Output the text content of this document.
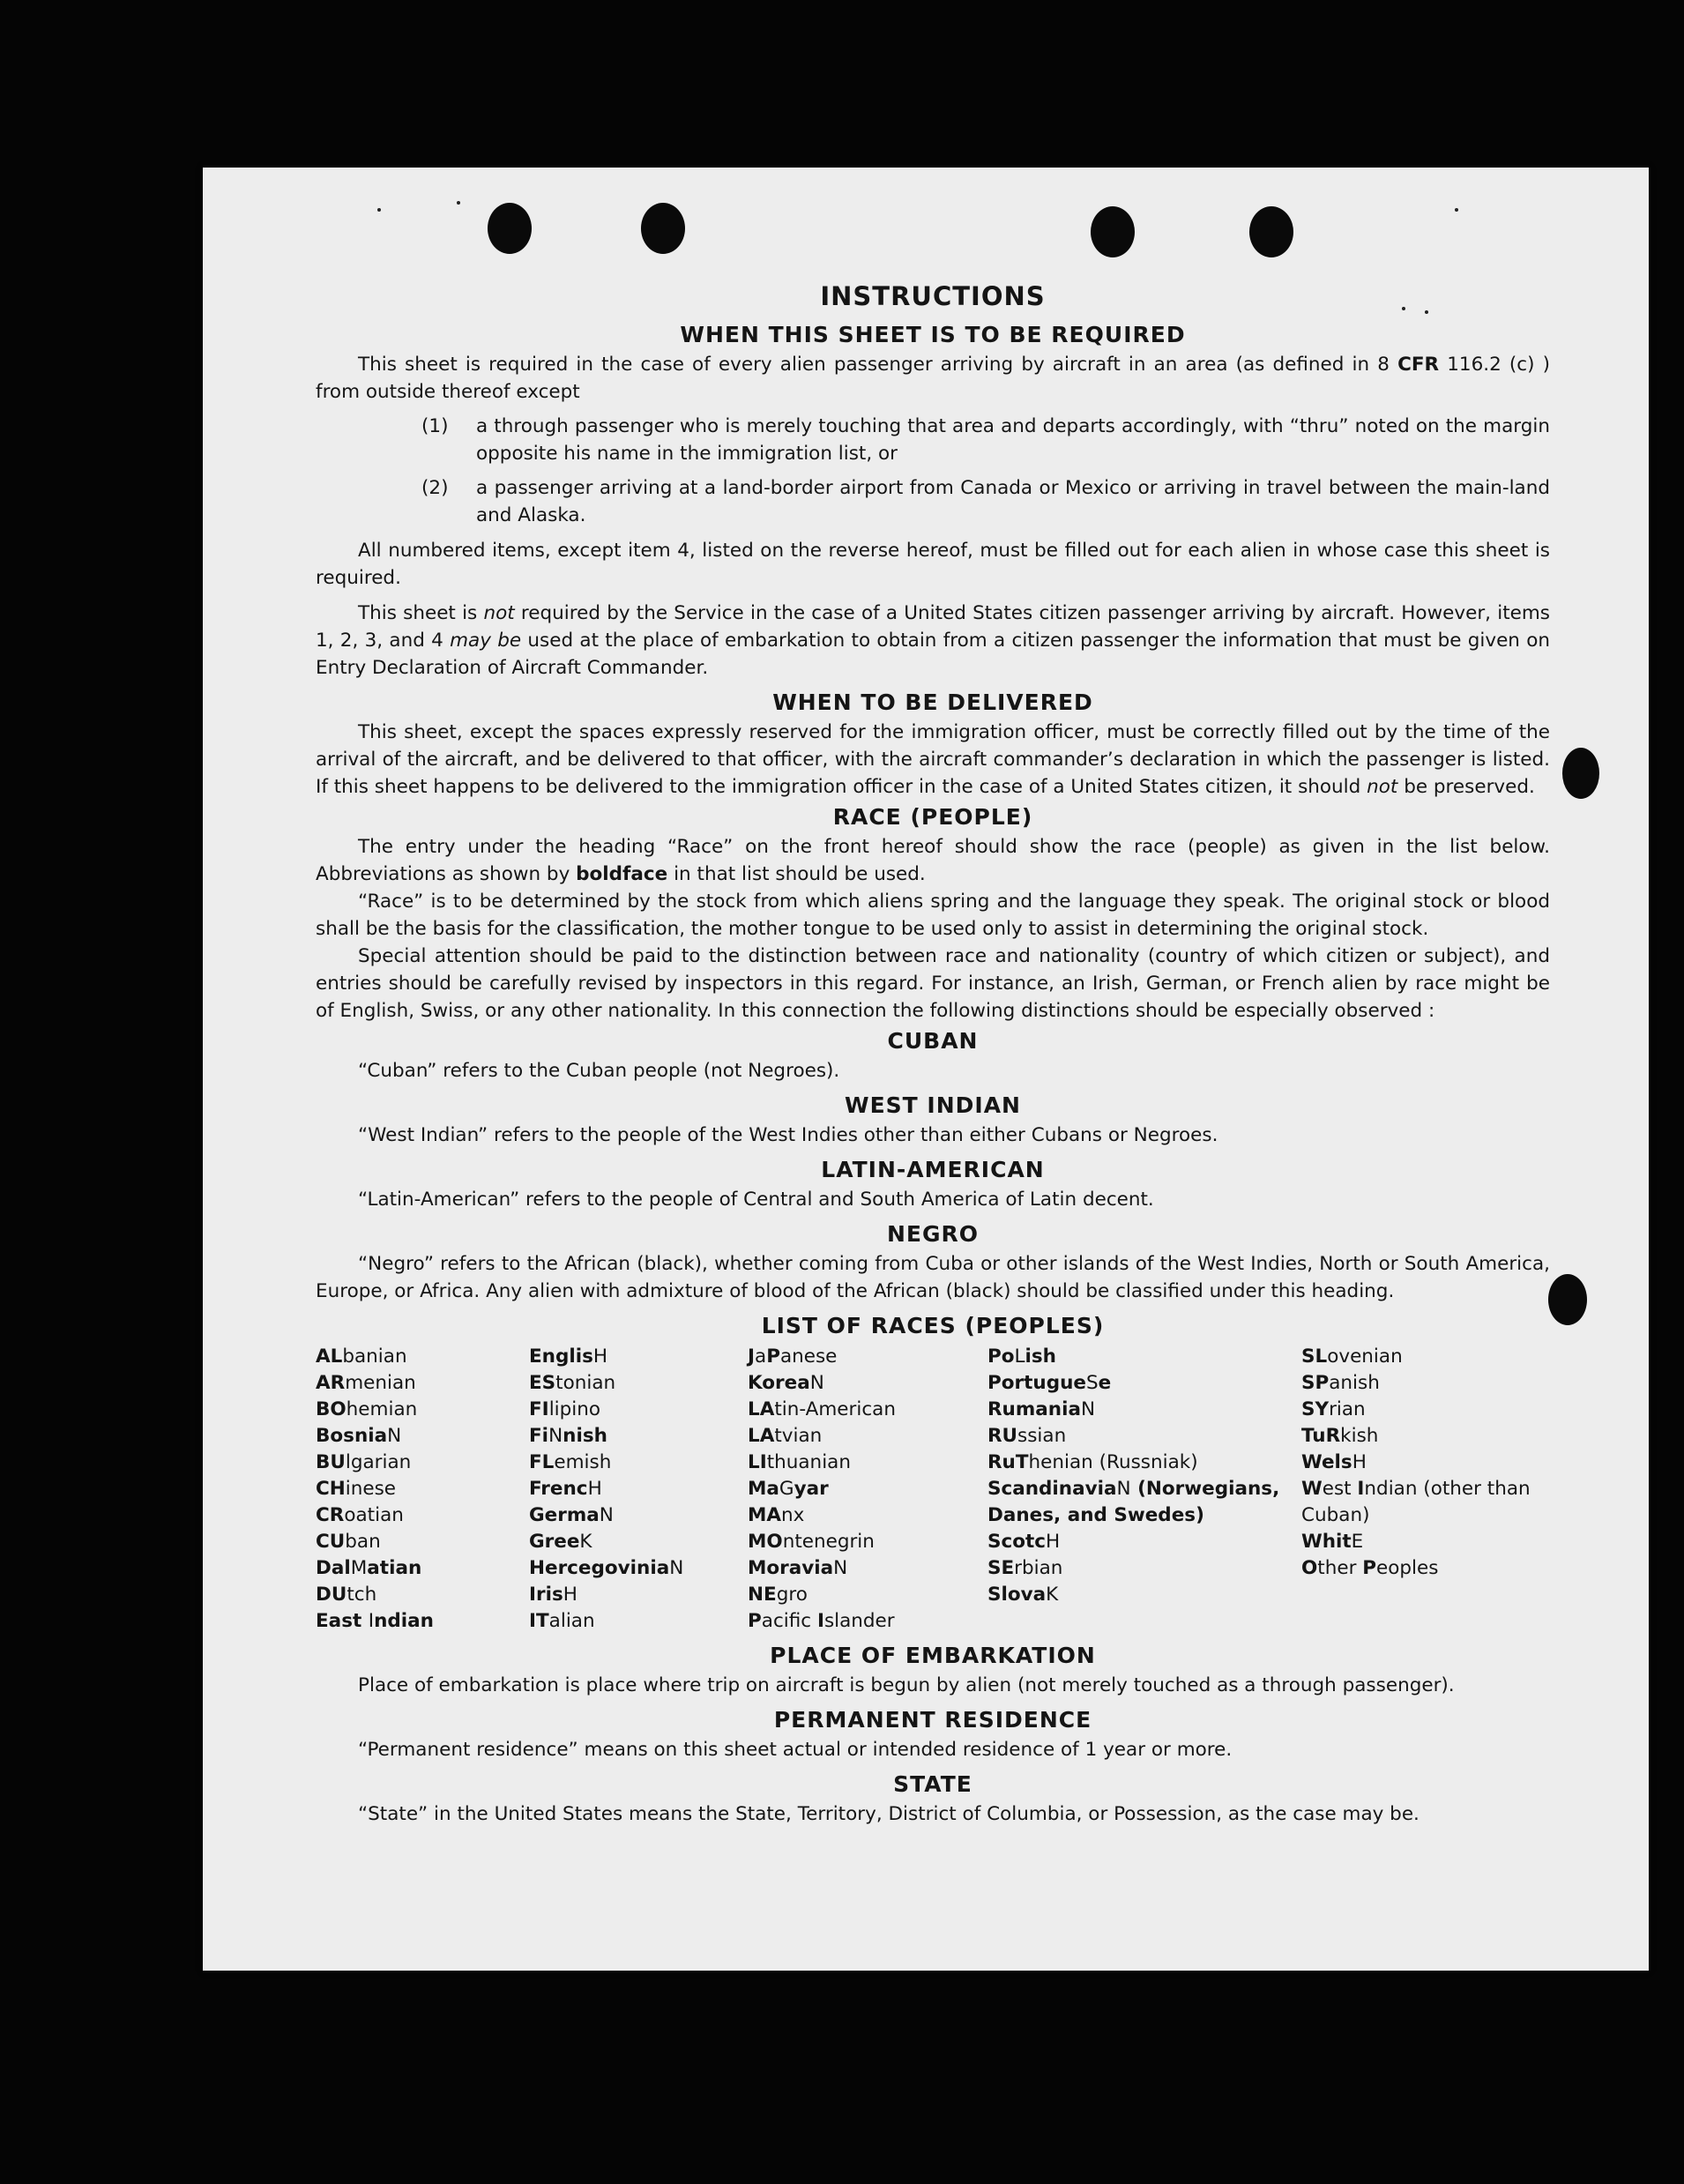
INSTRUCTIONS
WHEN THIS SHEET IS TO BE REQUIRED

This sheet is required in the case of every alien passenger arriving by aircraft in an area (as defined in 8 CFR 116.2 (c) ) from outside thereof except

(1)	a through passenger who is merely touching that area and departs accordingly, with “thru” noted on the margin opposite his name in the immigration list, or
(2)	a passenger arriving at a land-border airport from Canada or Mexico or arriving in travel between the main-land and Alaska.

All numbered items, except item 4, listed on the reverse hereof, must be filled out for each alien in whose case this sheet is required.

This sheet is not required by the Service in the case of a United States citizen passenger arriving by aircraft. However, items 1, 2, 3, and 4 may be used at the place of embarkation to obtain from a citizen passenger the information that must be given on Entry Declaration of Aircraft Commander.

WHEN TO BE DELIVERED

This sheet, except the spaces expressly reserved for the immigration officer, must be correctly filled out by the time of the arrival of the aircraft, and be delivered to that officer, with the aircraft commander’s declaration in which the passenger is listed. If this sheet happens to be delivered to the immigration officer in the case of a United States citizen, it should not be preserved.

RACE (PEOPLE)

The entry under the heading “Race” on the front hereof should show the race (people) as given in the list below. Abbreviations as shown by boldface in that list should be used.

“Race” is to be determined by the stock from which aliens spring and the language they speak. The original stock or blood shall be the basis for the classification, the mother tongue to be used only to assist in determining the original stock.

Special attention should be paid to the distinction between race and nationality (country of which citizen or subject), and entries should be carefully revised by inspectors in this regard. For instance, an Irish, German, or French alien by race might be of English, Swiss, or any other nationality. In this connection the following distinctions should be especially observed :

CUBAN

“Cuban” refers to the Cuban people (not Negroes).

WEST INDIAN

“West Indian” refers to the people of the West Indies other than either Cubans or Negroes.

LATIN-AMERICAN

“Latin-American” refers to the people of Central and South America of Latin decent.

NEGRO

“Negro” refers to the African (black), whether coming from Cuba or other islands of the West Indies, North or South America, Europe, or Africa. Any alien with admixture of blood of the African (black) should be classified under this heading.

LIST OF RACES (PEOPLES)
ALbanian
ARmenian
BOhemian
BosniaN
BUlgarian
CHinese
CRoatian
CUban
DalMatian
DUtch
East Indian
EnglisH
EStonian
FIlipino
FiNnish
FLemish
FrencH
GermaN
GreeK
HercegoviniaN
IrisH
ITalian
JaPanese
KoreaN
LAtin-American
LAtvian
LIthuanian
MaGyar
MAnx
MOntenegrin
MoraviaN
NEgro
Pacific Islander
PoLish
PortugueSe
RumaniaN
RUssian
RuThenian (Russniak)
ScandinaviaN (Norwegians, Danes, and Swedes)
ScotcH
SErbian
SlovaK
SLovenian
SPanish
SYrian
TuRkish
WelsH
West Indian (other than Cuban)
WhitE
Other Peoples
PLACE OF EMBARKATION

Place of embarkation is place where trip on aircraft is begun by alien (not merely touched as a through passenger).

PERMANENT RESIDENCE

“Permanent residence” means on this sheet actual or intended residence of 1 year or more.

STATE

“State” in the United States means the State, Territory, District of Columbia, or Possession, as the case may be.
